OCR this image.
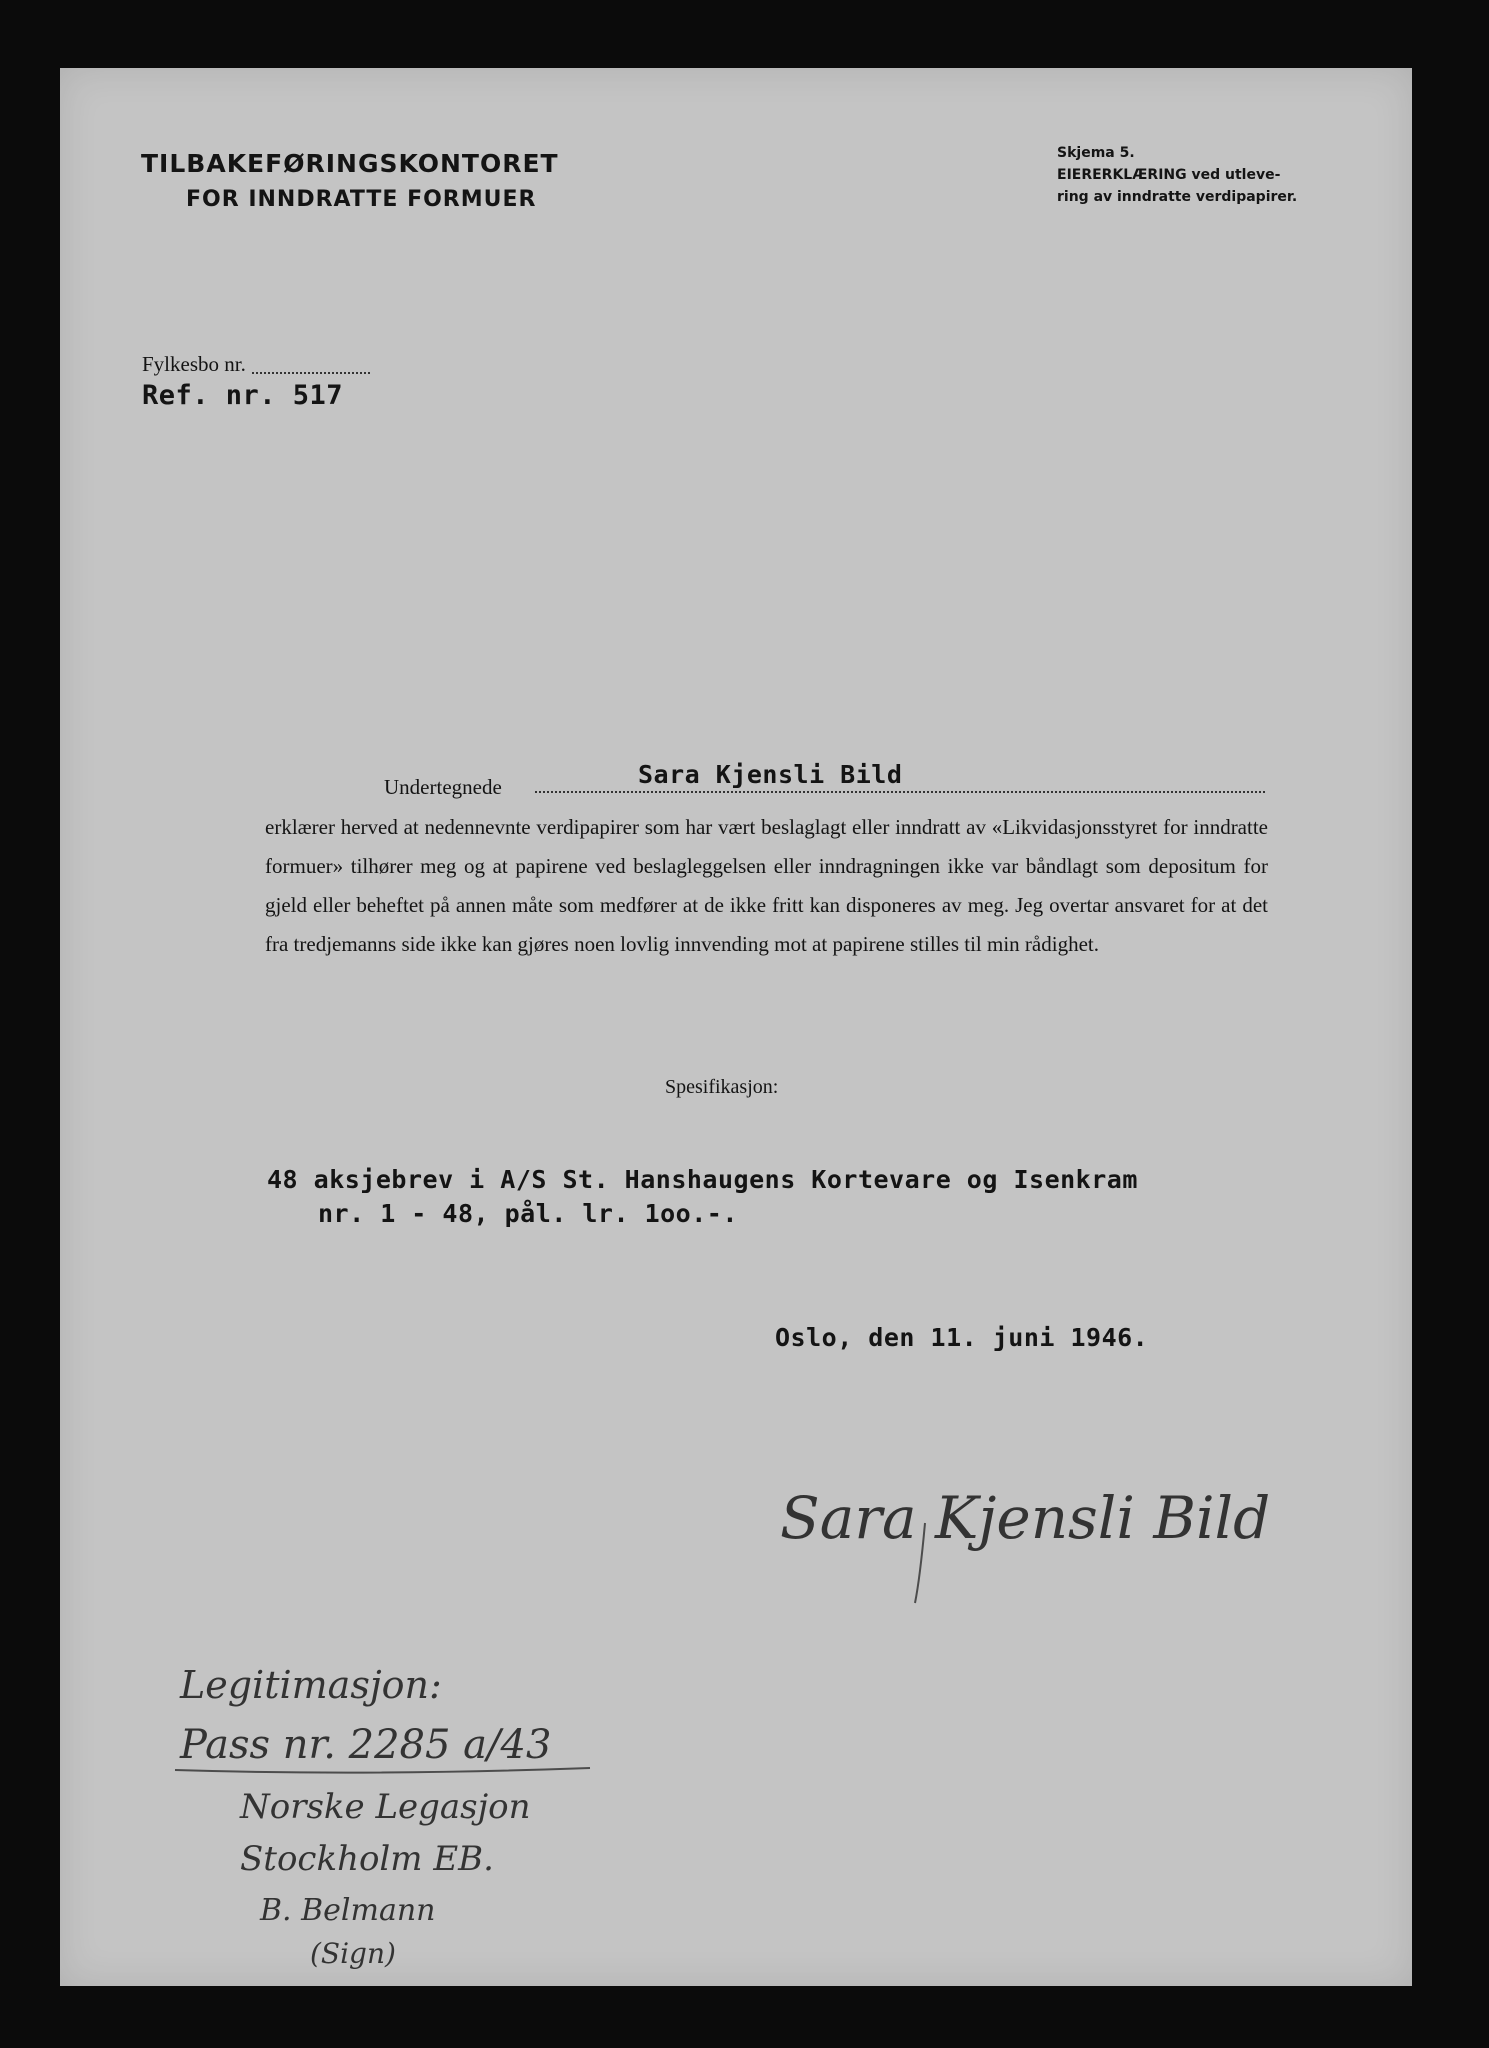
TILBAKEFØRINGSKONTORET
FOR INNDRATTE FORMUER
Skjema 5.
EIERERKLÆRING ved utleve-
ring av inndratte verdipapirer.
Fylkesbo nr.
Ref. nr. 517
Undertegnede	Sara Kjensli Bild
erklærer herved at nedennevnte verdipapirer som har vært beslaglagt eller inndratt av «Likvidasjonsstyret for inndratte formuer» tilhører meg og at papirene ved beslagleggelsen eller inndragningen ikke var båndlagt som depositum for gjeld eller beheftet på annen måte som medfører at de ikke fritt kan disponeres av meg. Jeg overtar ansvaret for at det fra tredjemanns side ikke kan gjøres noen lovlig innvending mot at papirene stilles til min rådighet.
Spesifikasjon:
48 aksjebrev i A/S St. Hanshaugens Kortevare og Isenkram
nr. 1 - 48, pål. lr. 1oo.-.
Oslo, den 11. juni 1946.
Sara Kjensli Bild
Legitimasjon:
Pass nr. 2285 a/43
Norske Legasjon
Stockholm EB.
B. Belmann
(Sign)
